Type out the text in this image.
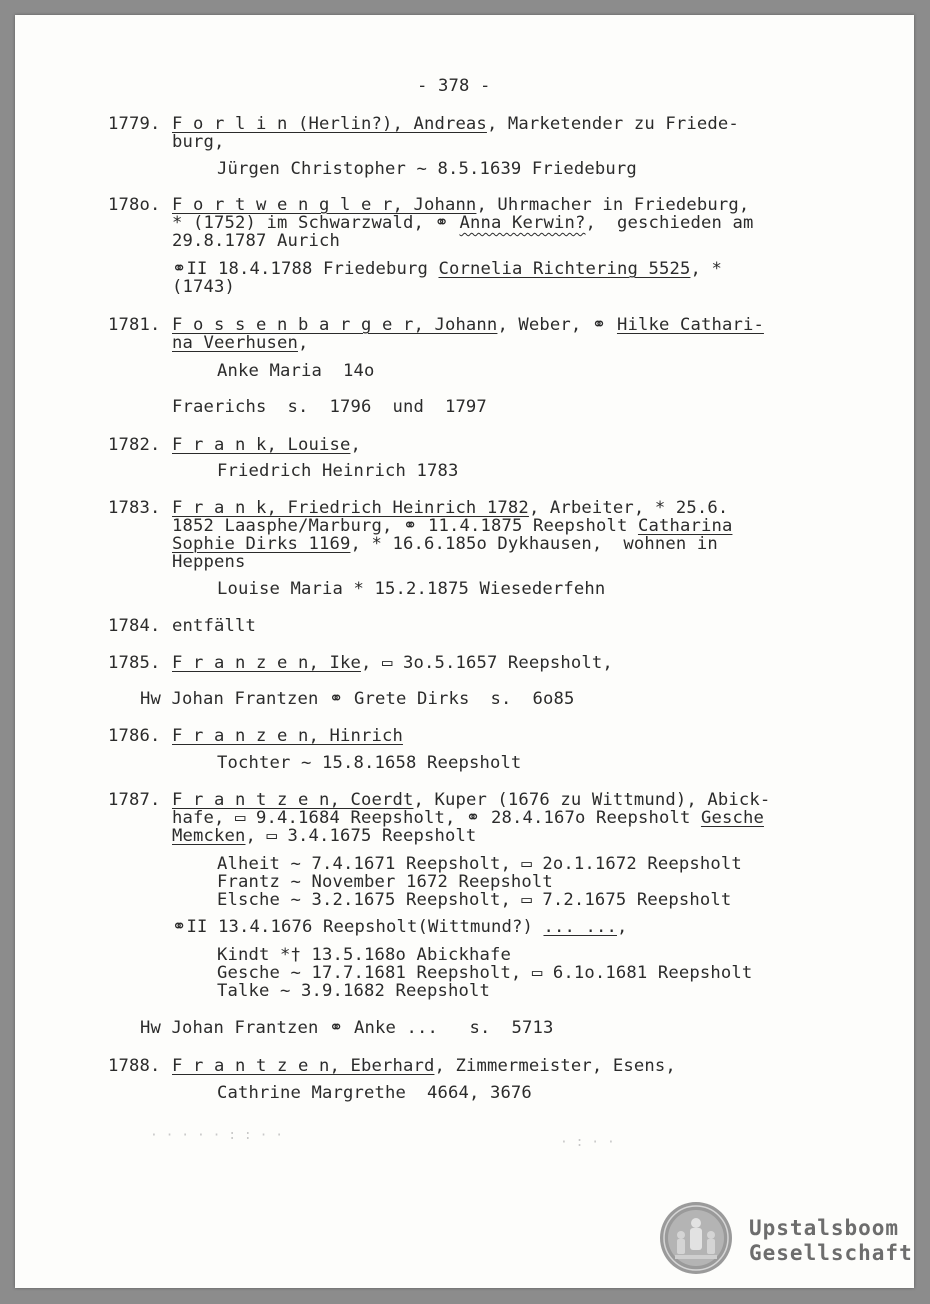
- 378 -
1779. F o r l i n (Herlin?), Andreas, Marketender zu Friede-
burg,
Jürgen Christopher ~ 8.5.1639 Friedeburg
178o. F o r t w e n g l e r, Johann, Uhrmacher in Friedeburg,
* (1752) im Schwarzwald, ⚭ Anna Kerwin?,  geschieden am
29.8.1787 Aurich
⚭II 18.4.1788 Friedeburg Cornelia Richtering 5525, *
(1743)
1781. F o s s e n b a r g e r, Johann, Weber, ⚭ Hilke Cathari-
na Veerhusen,
Anke Maria  14o
Fraerichs  s.  1796  und  1797
1782. F r a n k, Louise,
Friedrich Heinrich 1783
1783. F r a n k, Friedrich Heinrich 1782, Arbeiter, * 25.6.
1852 Laasphe/Marburg, ⚭ 11.4.1875 Reepsholt Catharina
Sophie Dirks 1169, * 16.6.185o Dykhausen,  wohnen in
Heppens
Louise Maria * 15.2.1875 Wiesederfehn
1784. entfällt
1785. F r a n z e n, Ike, ▭ 3o.5.1657 Reepsholt,
Hw Johan Frantzen ⚭ Grete Dirks  s.  6o85
1786. F r a n z e n, Hinrich
Tochter ~ 15.8.1658 Reepsholt
1787. F r a n t z e n, Coerdt, Kuper (1676 zu Wittmund), Abick-
hafe, ▭ 9.4.1684 Reepsholt, ⚭ 28.4.167o Reepsholt Gesche
Memcken, ▭ 3.4.1675 Reepsholt
Alheit ~ 7.4.1671 Reepsholt, ▭ 2o.1.1672 Reepsholt
Frantz ~ November 1672 Reepsholt
Elsche ~ 3.2.1675 Reepsholt, ▭ 7.2.1675 Reepsholt
⚭II 13.4.1676 Reepsholt(Wittmund?) ... ...,
Kindt *† 13.5.168o Abickhafe
Gesche ~ 17.7.1681 Reepsholt, ▭ 6.1o.1681 Reepsholt
Talke ~ 3.9.1682 Reepsholt
Hw Johan Frantzen ⚭ Anke ...   s.  5713
1788. F r a n t z e n, Eberhard, Zimmermeister, Esens,
Cathrine Margrethe  4664, 3676
· · · · · : : · ·	· : · ·
Upstalsboom
Gesellschaft
